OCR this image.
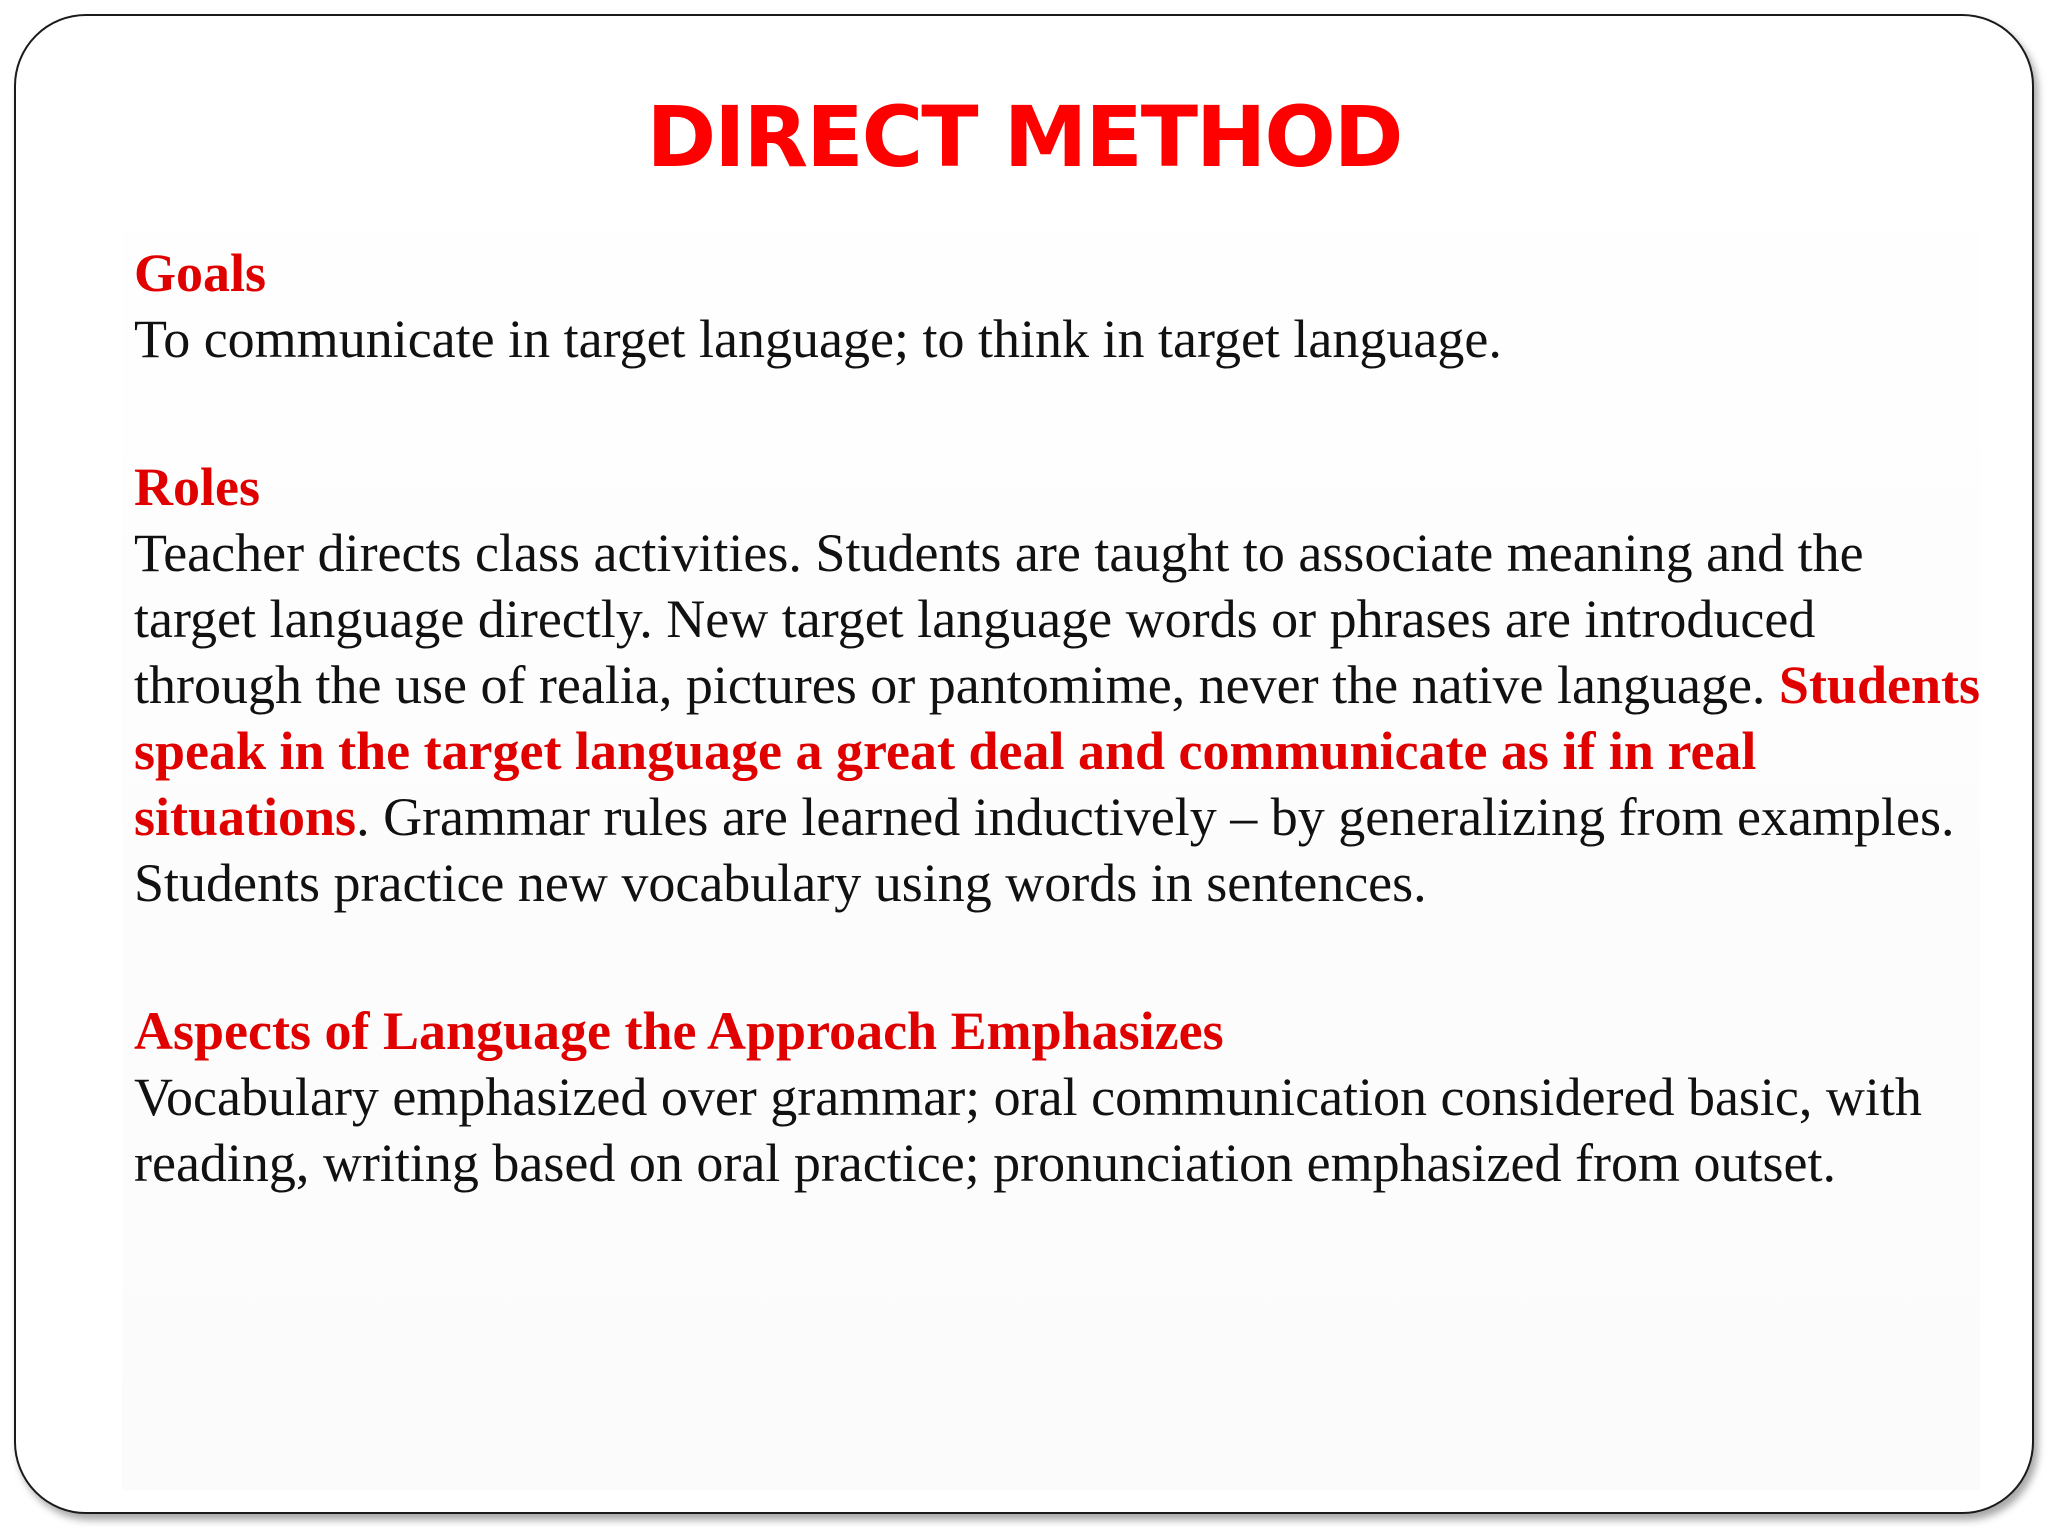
DIRECT METHOD
Goals
To communicate in target language; to think in target language.
Roles
Teacher directs class activities. Students are taught to associate meaning and the target language directly. New target language words or phrases are introduced through the use of realia, pictures or pantomime, never the native language. Students speak in the target language a great deal and communicate as if in real situations. Grammar rules are learned inductively – by generalizing from examples. Students practice new vocabulary using words in sentences.
Aspects of Language the Approach Emphasizes
Vocabulary emphasized over grammar; oral communication considered basic, with reading, writing based on oral practice; pronunciation emphasized from outset.
